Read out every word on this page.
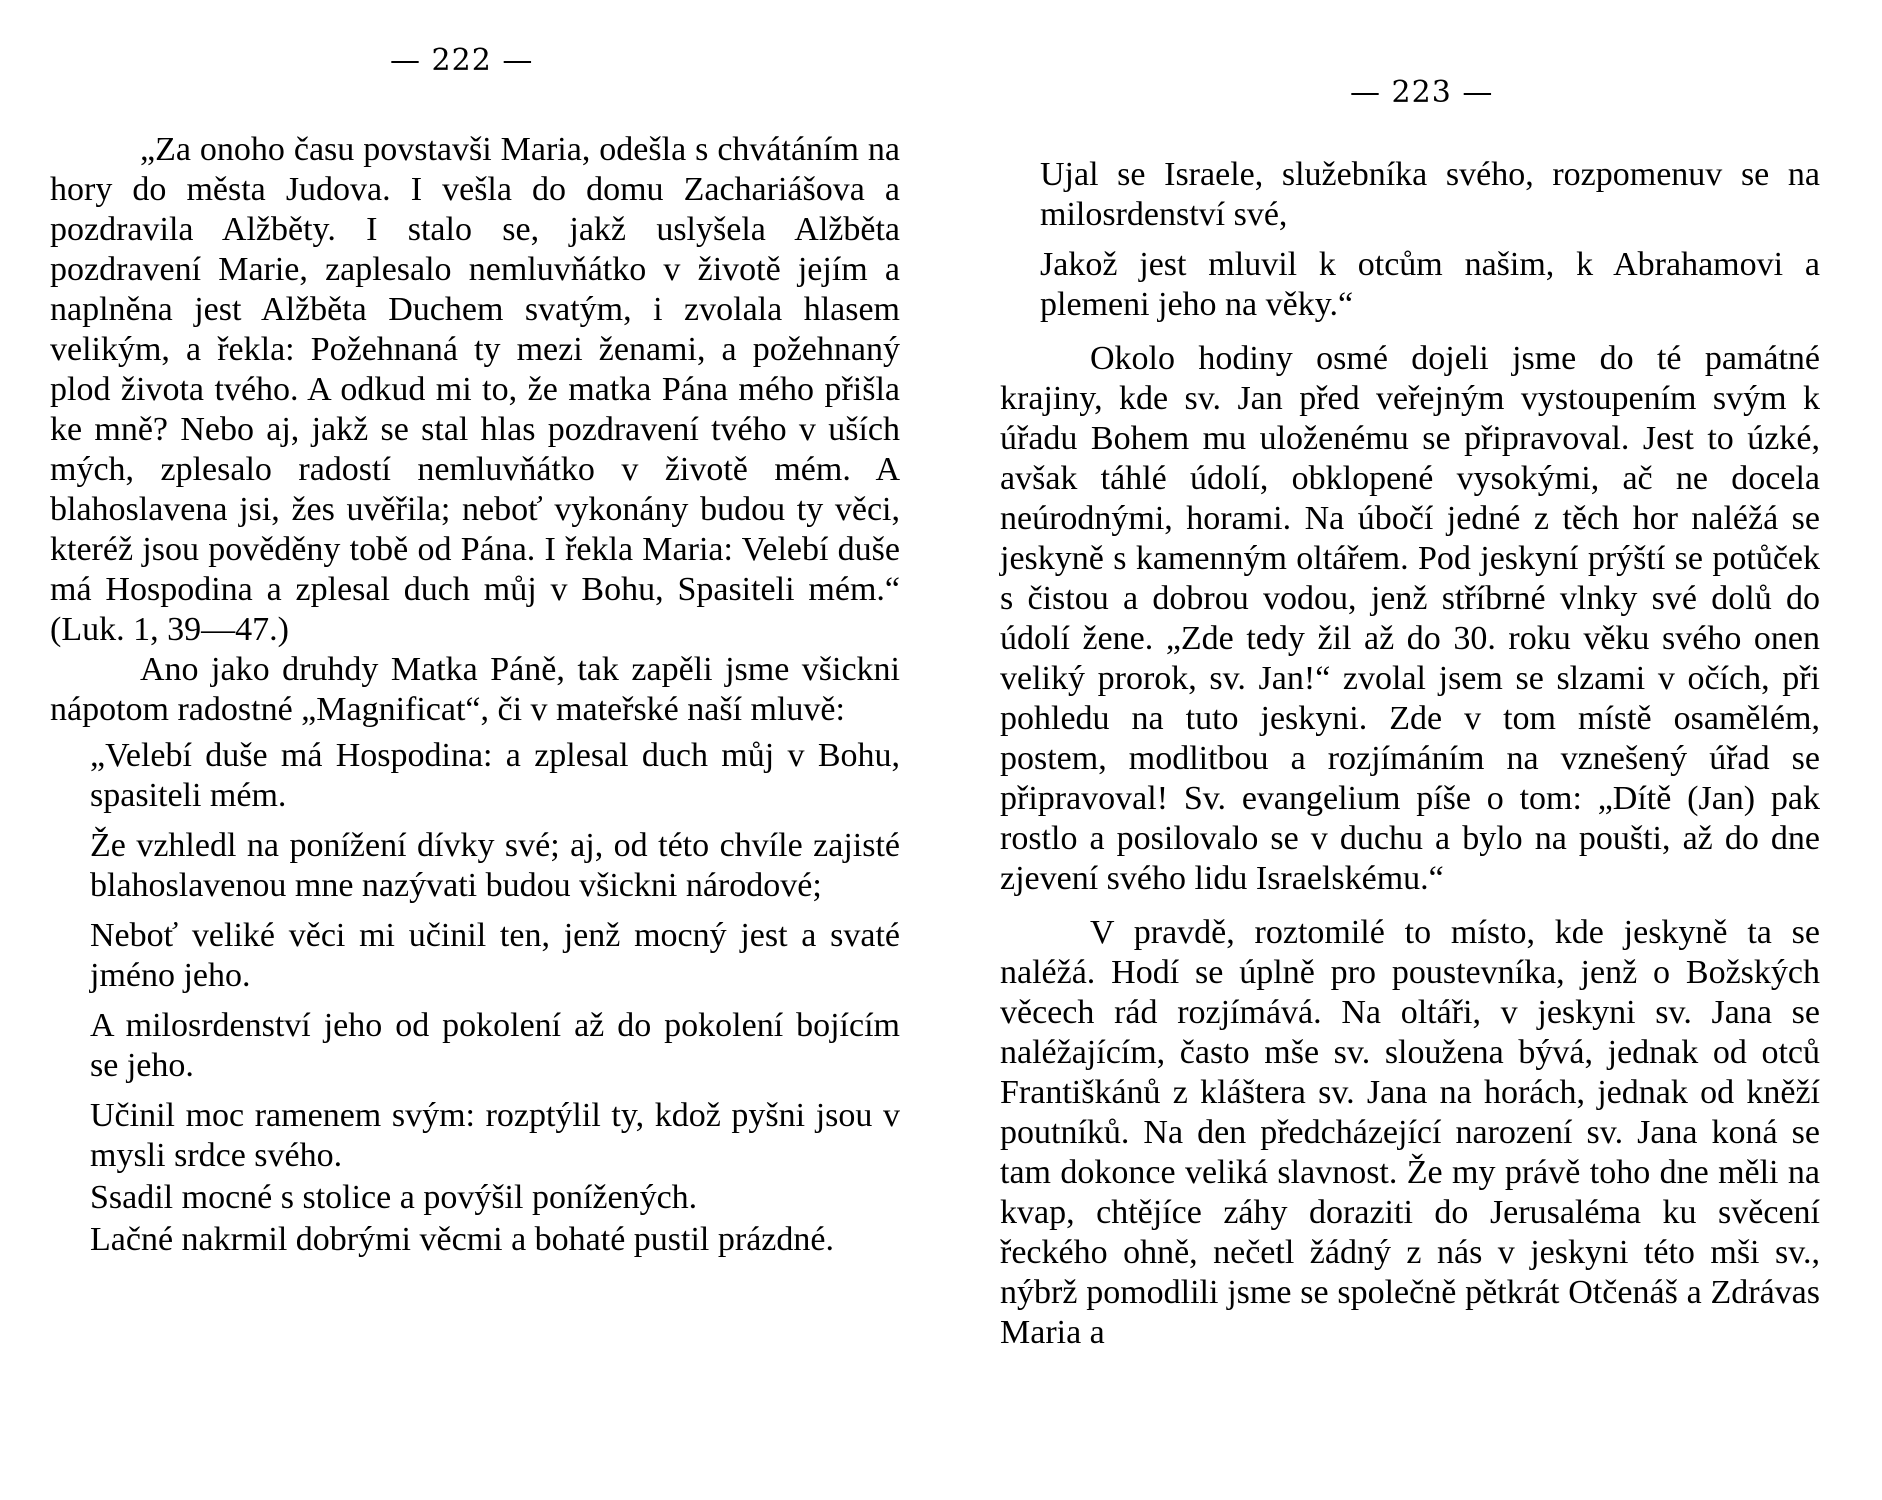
— 222 —

„Za onoho času povstavši Maria, odešla s chvátáním na hory do města Judova. I vešla do domu Zachariášova a pozdravila Alžběty. I stalo se, jakž uslyšela Alžběta pozdravení Marie, zaplesalo nemluvňátko v životě jejím a naplněna jest Alžběta Duchem svatým, i zvolala hlasem velikým, a řekla: Požehnaná ty mezi ženami, a požehnaný plod života tvého. A odkud mi to, že matka Pána mého přišla ke mně? Nebo aj, jakž se stal hlas pozdravení tvého v uších mých, zplesalo radostí nemluvňátko v životě mém. A blahoslavena jsi, žes uvěřila; neboť vykonány budou ty věci, kteréž jsou pověděny tobě od Pána. I řekla Maria: Velebí duše má Hospodina a zplesal duch můj v Bohu, Spasiteli mém.“ (Luk. 1, 39—47.)

Ano jako druhdy Matka Páně, tak zapěli jsme všickni nápotom radostné „Magnificat“, či v mateřské naší mluvě:

„Velebí duše má Hospodina: a zplesal duch můj v Bohu, spasiteli mém.

Že vzhledl na ponížení dívky své; aj, od této chvíle zajisté blahoslavenou mne nazývati budou všickni národové;

Neboť veliké věci mi učinil ten, jenž mocný jest a svaté jméno jeho.

A milosrdenství jeho od pokolení až do pokolení bojícím se jeho.

Učinil moc ramenem svým: rozptýlil ty, kdož pyšni jsou v mysli srdce svého.

Ssadil mocné s stolice a povýšil ponížených.

Lačné nakrmil dobrými věcmi a bohaté pustil prázdné.

— 223 —

Ujal se Israele, služebníka svého, rozpomenuv se na milosrdenství své,

Jakož jest mluvil k otcům našim, k Abrahamovi a plemeni jeho na věky.“

Okolo hodiny osmé dojeli jsme do té památné krajiny, kde sv. Jan před veřejným vystoupením svým k úřadu Bohem mu uloženému se připravoval. Jest to úzké, avšak táhlé údolí, obklopené vysokými, ač ne docela neúrodnými, horami. Na úbočí jedné z těch hor naléžá se jeskyně s kamenným oltářem. Pod jeskyní prýští se potůček s čistou a dobrou vodou, jenž stříbrné vlnky své dolů do údolí žene. „Zde tedy žil až do 30. roku věku svého onen veliký prorok, sv. Jan!“ zvolal jsem se slzami v očích, při pohledu na tuto jeskyni. Zde v tom místě osamělém, postem, modlitbou a rozjímáním na vznešený úřad se připravoval! Sv. evangelium píše o tom: „Dítě (Jan) pak rostlo a posilovalo se v duchu a bylo na poušti, až do dne zjevení svého lidu Israelskému.“

V pravdě, roztomilé to místo, kde jeskyně ta se naléžá. Hodí se úplně pro poustevníka, jenž o Božských věcech rád rozjímává. Na oltáři, v jeskyni sv. Jana se naléžajícím, často mše sv. sloužena bývá, jednak od otců Františkánů z kláštera sv. Jana na horách, jednak od kněží poutníků. Na den předcházející narození sv. Jana koná se tam dokonce veliká slavnost. Že my právě toho dne měli na kvap, chtějíce záhy doraziti do Jerusaléma ku svěcení řeckého ohně, nečetl žádný z nás v jeskyni této mši sv., nýbrž pomodlili jsme se společně pětkrát Otčenáš a Zdrávas Maria a
